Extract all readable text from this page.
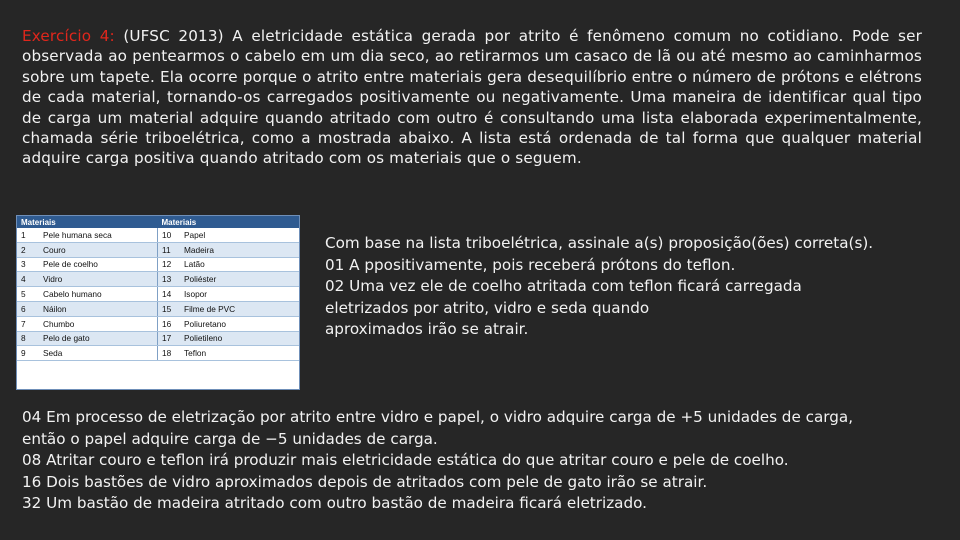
Exercício 4: (UFSC 2013) A eletricidade estática gerada por atrito é fenômeno comum no cotidiano. Pode ser observada ao pentearmos o cabelo em um dia seco, ao retirarmos um casaco de lã ou até mesmo ao caminharmos sobre um tapete. Ela ocorre porque o atrito entre materiais gera desequilíbrio entre o número de prótons e elétrons de cada material, tornando-os carregados positivamente ou negativamente. Uma maneira de identificar qual tipo de carga um material adquire quando atritado com outro é consultando uma lista elaborada experimentalmente, chamada série triboelétrica, como a mostrada abaixo. A lista está ordenada de tal forma que qualquer material adquire carga positiva quando atritado com os materiais que o seguem.
Materiais		Materiais	
1	Pele humana seca	10	Papel
2	Couro	11	Madeira
3	Pele de coelho	12	Latão
4	Vidro	13	Poliéster
5	Cabelo humano	14	Isopor
6	Náilon	15	Filme de PVC
7	Chumbo	16	Poliuretano
8	Pelo de gato	17	Polietileno
9	Seda	18	Teflon
Com base na lista triboelétrica, assinale a(s) proposição(ões) correta(s).
01 A ppositivamente, pois receberá prótons do teflon.
02 Uma vez ele de coelho atritada com teflon ficará carregada
eletrizados por atrito, vidro e seda quando
aproximados irão se atrair.
04 Em processo de eletrização por atrito entre vidro e papel, o vidro adquire carga de +5 unidades de carga,
então o papel adquire carga de −5 unidades de carga.
08 Atritar couro e teflon irá produzir mais eletricidade estática do que atritar couro e pele de coelho.
16 Dois bastões de vidro aproximados depois de atritados com pele de gato irão se atrair.
32 Um bastão de madeira atritado com outro bastão de madeira ficará eletrizado.
